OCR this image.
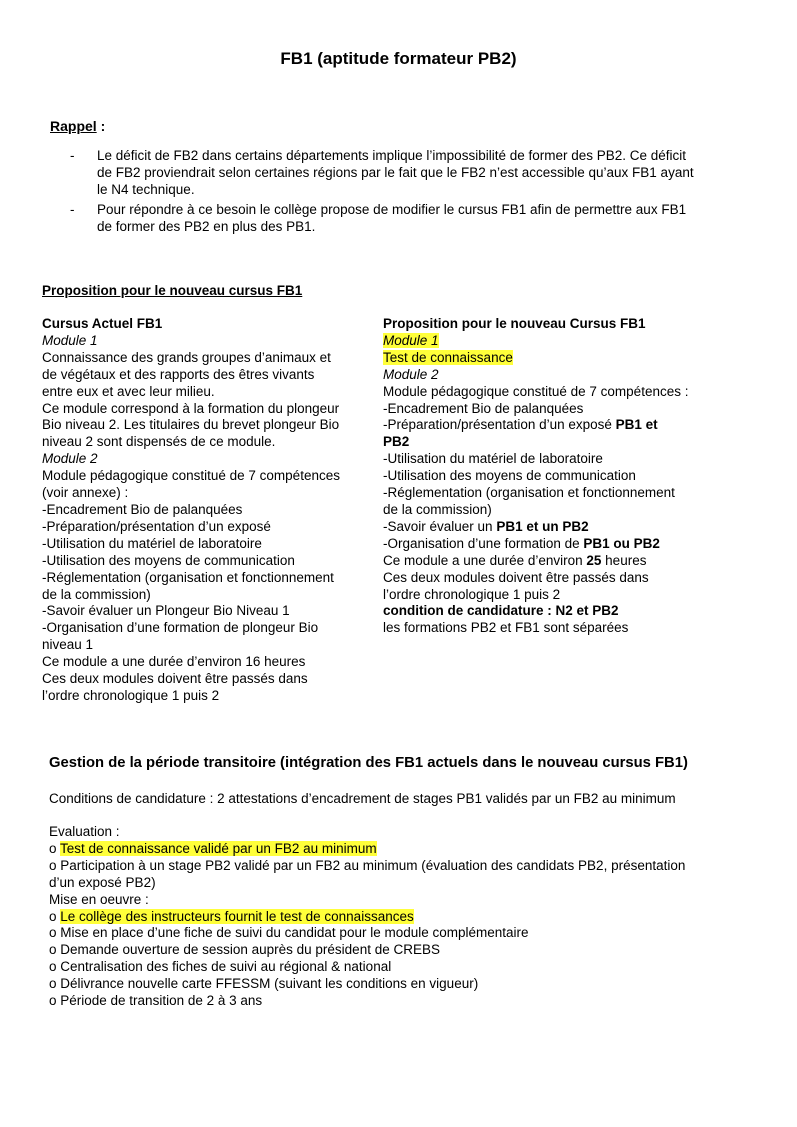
FB1 (aptitude formateur PB2)
Rappel :
- Le déficit de FB2 dans certains départements implique l’impossibilité de former des PB2. Ce déficit
de FB2 proviendrait selon certaines régions par le fait que le FB2 n’est accessible qu’aux FB1 ayant
le N4 technique.
- Pour répondre à ce besoin le collège propose de modifier le cursus FB1 afin de permettre aux FB1
de former des PB2 en plus des PB1.
Proposition pour le nouveau cursus FB1
Cursus Actuel FB1
Module 1
Connaissance des grands groupes d’animaux et
de végétaux et des rapports des êtres vivants
entre eux et avec leur milieu.
Ce module correspond à la formation du plongeur
Bio niveau 2. Les titulaires du brevet plongeur Bio
niveau 2 sont dispensés de ce module.
Module 2
Module pédagogique constitué de 7 compétences
(voir annexe) :
-Encadrement Bio de palanquées
-Préparation/présentation d’un exposé
-Utilisation du matériel de laboratoire
-Utilisation des moyens de communication
-Réglementation (organisation et fonctionnement
de la commission)
-Savoir évaluer un Plongeur Bio Niveau 1
-Organisation d’une formation de plongeur Bio
niveau 1
Ce module a une durée d’environ 16 heures
Ces deux modules doivent être passés dans
l’ordre chronologique 1 puis 2
Proposition pour le nouveau Cursus FB1
Module 1
Test de connaissance
Module 2
Module pédagogique constitué de 7 compétences :
-Encadrement Bio de palanquées
-Préparation/présentation d’un exposé PB1 et
PB2
-Utilisation du matériel de laboratoire
-Utilisation des moyens de communication
-Réglementation (organisation et fonctionnement
de la commission)
-Savoir évaluer un PB1 et un PB2
-Organisation d’une formation de PB1 ou PB2
Ce module a une durée d’environ 25 heures
Ces deux modules doivent être passés dans
l’ordre chronologique 1 puis 2
condition de candidature : N2 et PB2
les formations PB2 et FB1 sont séparées
Gestion de la période transitoire (intégration des FB1 actuels dans le nouveau cursus FB1)
Conditions de candidature : 2 attestations d’encadrement de stages PB1 validés par un FB2 au minimum
Evaluation :
o Test de connaissance validé par un FB2 au minimum
o Participation à un stage PB2 validé par un FB2 au minimum (évaluation des candidats PB2, présentation
d’un exposé PB2)
Mise en oeuvre :
o Le collège des instructeurs fournit le test de connaissances
o Mise en place d’une fiche de suivi du candidat pour le module complémentaire
o Demande ouverture de session auprès du président de CREBS
o Centralisation des fiches de suivi au régional & national
o Délivrance nouvelle carte FFESSM (suivant les conditions en vigueur)
o Période de transition de 2 à 3 ans
